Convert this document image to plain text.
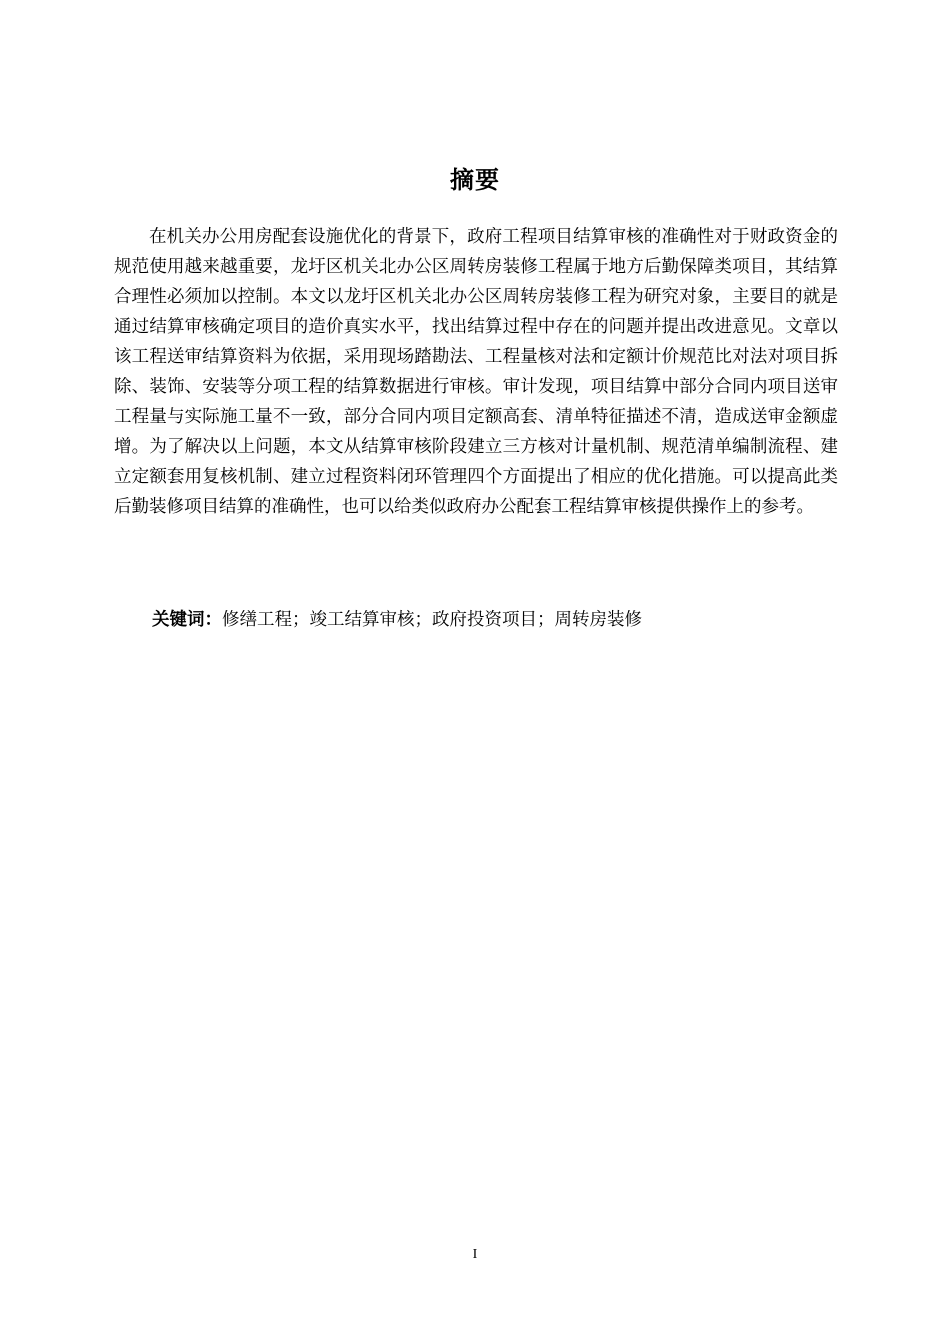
摘要

在机关办公用房配套设施优化的背景下，政府工程项目结算审核的准确性对于财政资金的规范使用越来越重要，龙圩区机关北办公区周转房装修工程属于地方后勤保障类项目，其结算合理性必须加以控制。本文以龙圩区机关北办公区周转房装修工程为研究对象，主要目的就是通过结算审核确定项目的造价真实水平，找出结算过程中存在的问题并提出改进意见。文章以该工程送审结算资料为依据，采用现场踏勘法、工程量核对法和定额计价规范比对法对项目拆除、装饰、安装等分项工程的结算数据进行审核。审计发现，项目结算中部分合同内项目送审工程量与实际施工量不一致，部分合同内项目定额高套、清单特征描述不清，造成送审金额虚增。为了解决以上问题，本文从结算审核阶段建立三方核对计量机制、规范清单编制流程、建立定额套用复核机制、建立过程资料闭环管理四个方面提出了相应的优化措施。可以提高此类后勤装修项目结算的准确性，也可以给类似政府办公配套工程结算审核提供操作上的参考。

关键词：修缮工程；竣工结算审核；政府投资项目；周转房装修

I
